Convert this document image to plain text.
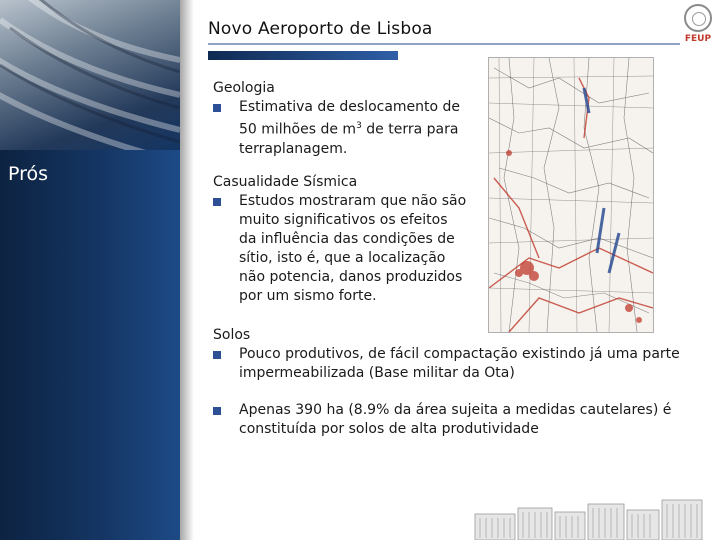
Prós
Novo Aeroporto de Lisboa	FEUP
Geologia
Estimativa de deslocamento de
50 milhões de $m^3$ de terra para
terraplanagem.
Casualidade Sísmica
Estudos mostraram que não são
muito significativos os efeitos
da influência das condições de
sítio, isto é, que a localização
não potencia, danos produzidos
por um sismo forte.
Solos
Pouco produtivos, de fácil compactação existindo já uma parte
impermeabilizada (Base militar da Ota)
Apenas 390 ha (8.9% da área sujeita a medidas cautelares) é
constituída por solos de alta produtividade
